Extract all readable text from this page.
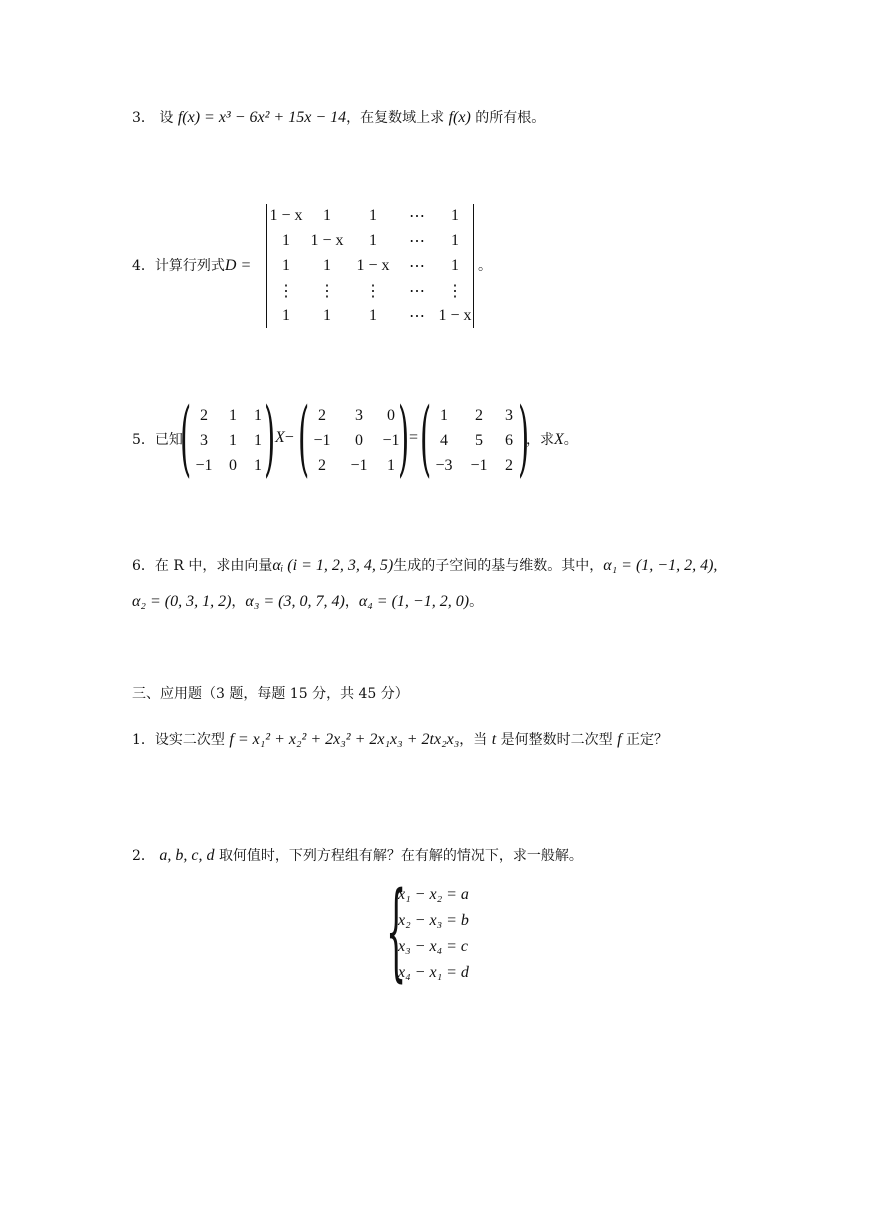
3． 设 f(x) = x³ − 6x² + 15x − 14，在复数域上求 f(x) 的所有根。
4．计算行列式D =
1 − x	1	1	⋯	1
1	1 − x	1	⋯	1
1	1	1 − x	⋯	1
⋮	⋮	⋮	⋯	⋮
1	1	1	⋯ 1 − x
。
5．已知
( 2	1	1
3	1	1
−1	0	1 ) X− ( 2	3	0
−1	0	−1
2	−1	1 ) = ( 1	2	3
4	5	6
−3	−1	2 )
，求X。
6．在 R 中，求由向量αᵢ (i = 1, 2, 3, 4, 5)生成的子空间的基与维数。其中，α₁ = (1, −1, 2, 4),
α₂ = (0, 3, 1, 2)，α₃ = (3, 0, 7, 4)，α₄ = (1, −1, 2, 0)。
三、应用题（3 题，每题 15 分，共 45 分）
1．设实二次型 f = x₁² + x₂² + 2x₃² + 2x₁x₃ + 2tx₂x₃，当 t 是何整数时二次型 f 正定？
2． a, b, c, d 取何值时，下列方程组有解？在有解的情况下，求一般解。
{
x₁ − x₂ = a
x₂ − x₃ = b
x₃ − x₄ = c
x₄ − x₁ = d
